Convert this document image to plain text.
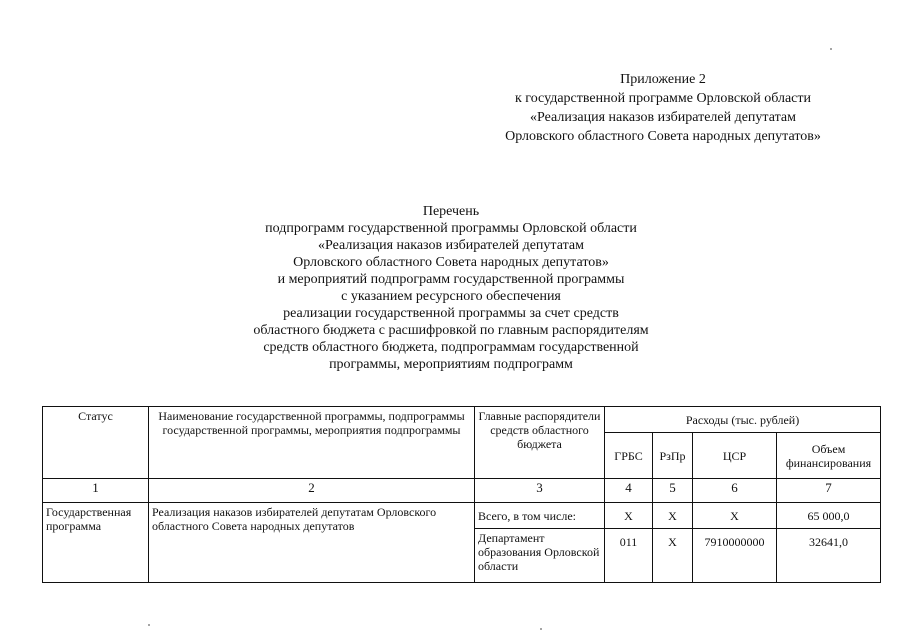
Приложение 2
к государственной программе Орловской области
«Реализация наказов избирателей депутатам
Орловского областного Совета народных депутатов»
Перечень
подпрограмм государственной программы Орловской области
«Реализация наказов избирателей депутатам
Орловского областного Совета народных депутатов»
и мероприятий подпрограмм государственной программы
с указанием ресурсного обеспечения
реализации государственной программы за счет средств
областного бюджета с расшифровкой по главным распорядителям
средств областного бюджета, подпрограммам государственной
программы, мероприятиям подпрограмм
Статус	Наименование государственной программы, подпрограммы государственной программы, мероприятия подпрограммы	Главные распорядители средств областного бюджета	Расходы (тыс. рублей)			
			ГРБС	РзПр	ЦСР	Объем финансирования
1	2	3	4	5	6	7
Государственная программа	Реализация наказов избирателей депутатам Орловского областного Совета народных депутатов	Всего, в том числе:	Х	Х	Х	65 000,0
		Департамент образования Орловской области	011	Х	7910000000	32641,0
